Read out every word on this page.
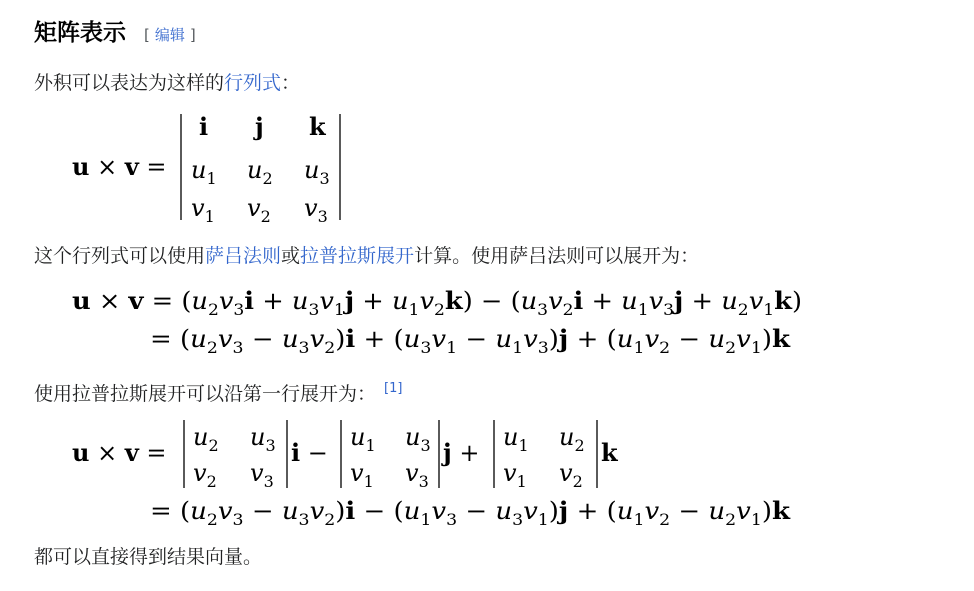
矩阵表示 [ 编辑 ]
外积可以表达为这样的行列式：
这个行列式可以使用萨吕法则或拉普拉斯展开计算。使用萨吕法则可以展开为：
使用拉普拉斯展开可以沿第一行展开为： [1]
都可以直接得到结果向量。
u × v =
i j k
$u_1$ $u_2$ $u_3$
$v_1$ $v_2$ $v_3$
u × v = ( $u_2v_3i + u_3v_1j + u_1v_2k$) − ( $u_3v_2i + u_1v_3j + u_2v_1k$)
= ( $u_2v_3 - u_3v_2)i$ + ( $u_3v_1 - u_1v_3)j$ + ( $u_1v_2 - u_2v_1)k$
u × v =
$u_2$ $u_3$
$v_2$ $v_3$
i −
$u_1$ $u_3$
$v_1$ $v_3$
j +
$u_1$ $u_2$
$v_1$ $v_2$
k
= ( $u_2v_3 - u_3v_2)i$ − ( $u_1v_3 - u_3v_1)j$ + ( $u_1v_2 - u_2v_1)k$
